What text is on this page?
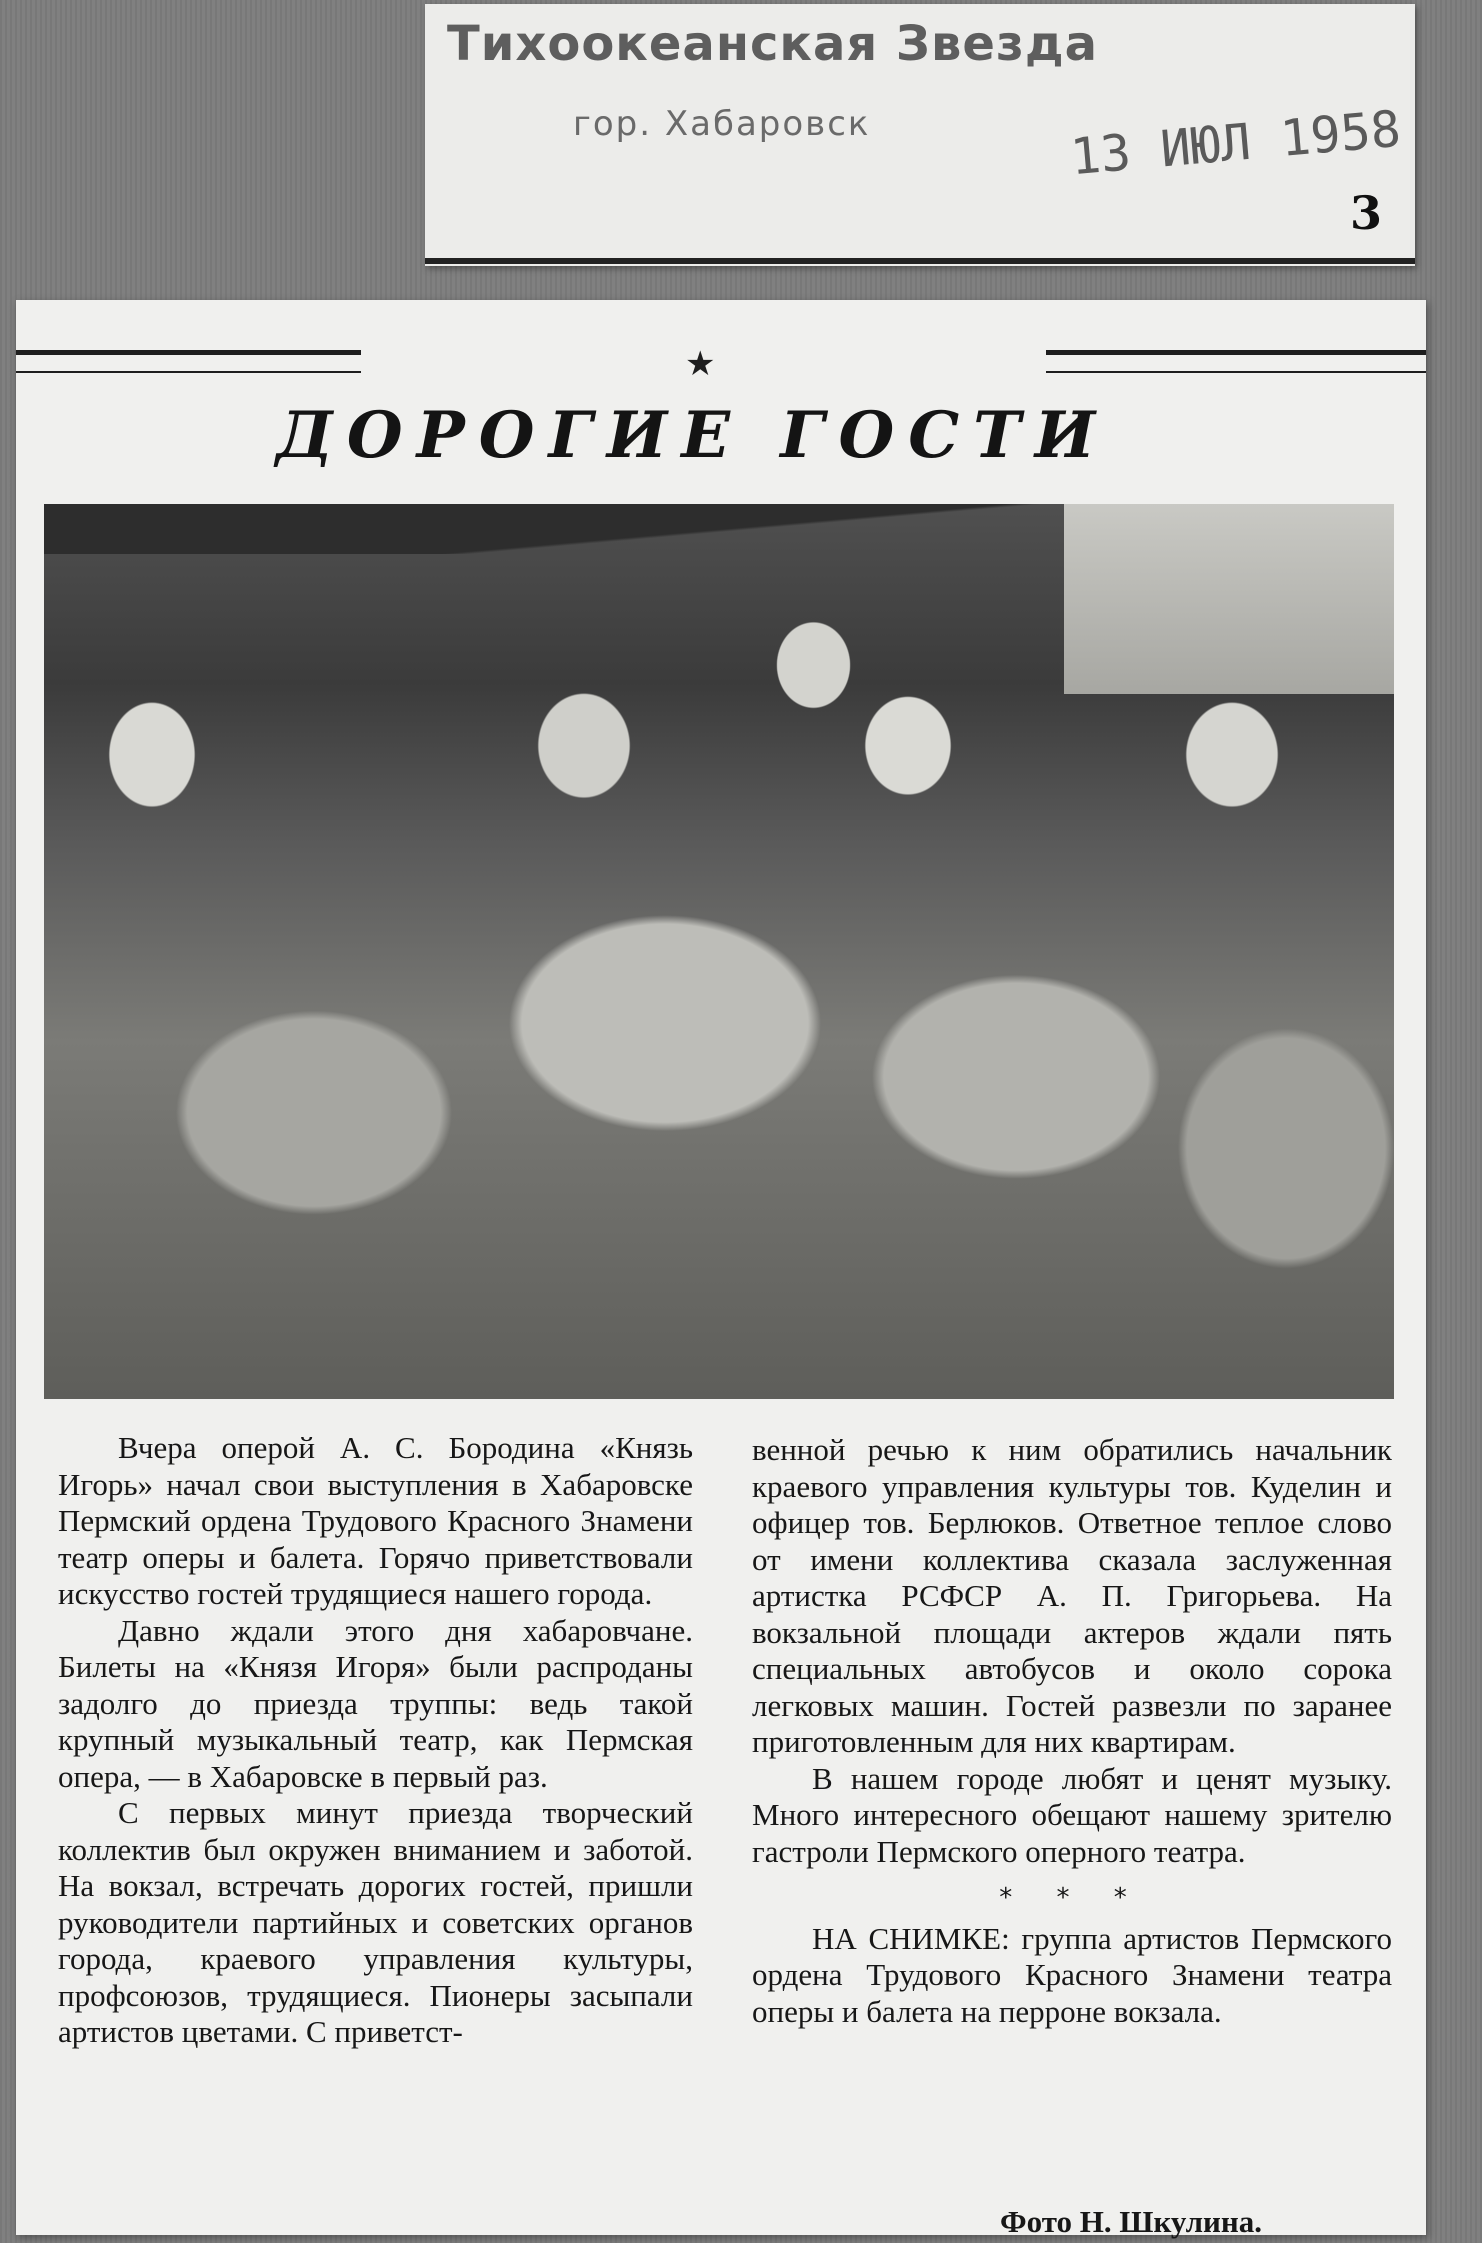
Тихоокеанская Звезда
гор. Хабаровск	13 ИЮЛ 1958
3
★
ДОРОГИЕ ГОСТИ

Вчера оперой А. С. Бородина «Князь Игорь» начал свои выступления в Хабаровске Пермский ордена Трудового Красного Знамени театр оперы и балета. Горячо приветствовали искусство гостей трудящиеся нашего города.

Давно ждали этого дня хабаровчане. Билеты на «Князя Игоря» были распроданы задолго до приезда труппы: ведь такой крупный музыкальный театр, как Пермская опера, — в Хабаровске в первый раз.

С первых минут приезда творческий коллектив был окружен вниманием и заботой. На вокзал, встречать дорогих гостей, пришли руководители партийных и советских органов города, краевого управления культуры, профсоюзов, трудящиеся. Пионеры засыпали артистов цветами. С приветст-

венной речью к ним обратились начальник краевого управления культуры тов. Куделин и офицер тов. Берлюков. Ответное теплое слово от имени коллектива сказала заслуженная артистка РСФСР А. П. Григорьева. На вокзальной площади актеров ждали пять специальных автобусов и около сорока легковых машин. Гостей развезли по заранее приготовленным для них квартирам.

В нашем городе любят и ценят музыку. Много интересного обещают нашему зрителю гастроли Пермского оперного театра.

* * *

НА СНИМКЕ: группа артистов Пермского ордена Трудового Красного Знамени театра оперы и балета на перроне вокзала.

Фото Н. Шкулина.
